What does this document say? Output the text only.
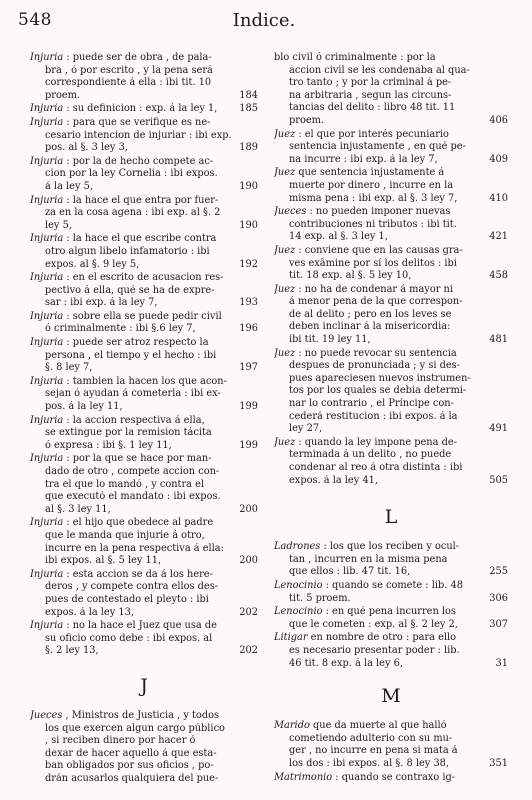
548	Indice.
Injuria : puede ser de obra , de pala-
bra , ó por escrito , y la pena será
correspondiente á ella : ibi tit. 10
proem.	184
Injuria : su definicion : exp. á la ley 1,	185
Injuria : para que se verifique es ne-
cesario intencion de injuriar : ibi exp.
pos. al §. 3 ley 3,	189
Injuria : por la de hecho compete ac-
cion por la ley Cornelia : ibi expos.
á la ley 5,	190
Injuria : la hace el que entra por fuer-
za en la cosa agena : ibi exp. al §. 2
ley 5,	190
Injuria : la hace el que escribe contra
otro algun libelo infamatorio : ibi
expos. al §. 9 ley 5,	192
Injuria : en el escrito de acusacion res-
pectivo á ella, qué se ha de expre-
sar : ibi exp. á la ley 7,	193
Injuria : sobre ella se puede pedir civil
ó criminalmente : ibi §.6 ley 7,	196
Injuria : puede ser atroz respecto la
persona , el tiempo y el hecho : ibi
§. 8 ley 7,	197
Injuria : tambien la hacen los que acon-
sejan ó ayudan á cometerla : ibi ex-
pos. á la ley 11,	199
Injuria : la accion respectiva á ella,
se extingue por la remision tácita
ó expresa : ibi §. 1 ley 11,	199
Injuria : por la que se hace por man-
dado de otro , compete accion con-
tra el que lo mandó , y contra el
que executó el mandato : ibi expos.
al §. 3 ley 11,	200
Injuria : el hijo que obedece al padre
que le manda que injurie á otro,
incurre en la pena respectiva á ella:
ibi expos. al §. 5 ley 11,	200
Injuria : esta accion se da á los here-
deros , y compete contra ellos des-
pues de contestado el pleyto : ibi
expos. á la ley 13,	202
Injuria : no la hace el Juez que usa de
su oficio como debe : ibi expos. al
§. 2 ley 13,	202
J
Jueces , Ministros de Justicia , y todos
los que exercen algun cargo público
, si reciben dinero por hacer ó
dexar de hacer aquello á que esta-
ban obligados por sus oficios , po-
drán acusarlos qualquiera del pue-
blo civil ó criminalmente : por la
accion civil se les condenaba al qua-
tro tanto ; y por la criminal á pe-
na arbitraria , segun las circuns-
tancias del delito : libro 48 tit. 11
proem.	406
Juez : el que por interés pecuniario
sentencia injustamente , en qué pe-
na incurre : ibi exp. á la ley 7,	409
Juez que sentencia injustamente á
muerte por dinero , incurre en la
misma pena : ibi exp. al §. 3 ley 7,	410
Jueces : no pueden imponer nuevas
contribuciones ni tributos : ibi tit.
14 exp. al §. 3 ley 1,	421
Juez : conviene que en las causas gra-
ves exâmine por sí los delitos : ibi
tit. 18 exp. al §. 5 ley 10,	458
Juez : no ha de condenar á mayor ni
á menor pena de la que correspon-
de al delito ; pero en los leves se
deben inclinar á la misericordia:
ibi tit. 19 ley 11,	481
Juez : no puede revocar su sentencia
despues de pronunciada ; y si des-
pues apareciesen nuevos instrumen-
tos por los quales se debia determi-
nar lo contrario , el Príncipe con-
cederá restitucion : ibi expos. á la
ley 27,	491
Juez : quando la ley impone pena de-
terminada á un delito , no puede
condenar al reo á otra distinta : ibi
expos. á la ley 41,	505
L
Ladrones : los que los reciben y ocul-
tan , incurren en la misma pena
que ellos : lib. 47 tit. 16,	255
Lenocinio : quando se comete : lib. 48
tit. 5 proem.	306
Lenocinio : en qué pena incurren los
que le cometen : exp. al §. 2 ley 2,	307
Litigar en nombre de otro : para ello
es necesario presentar poder : lib.
46 tit. 8 exp. á la ley 6,	31
M
Marido que da muerte al que halló
cometiendo adulterio con su mu-
ger , no incurre en pena si mata á
los dos : ibi expos. al §. 8 ley 38,	351
Matrimonio : quando se contraxo ig-
